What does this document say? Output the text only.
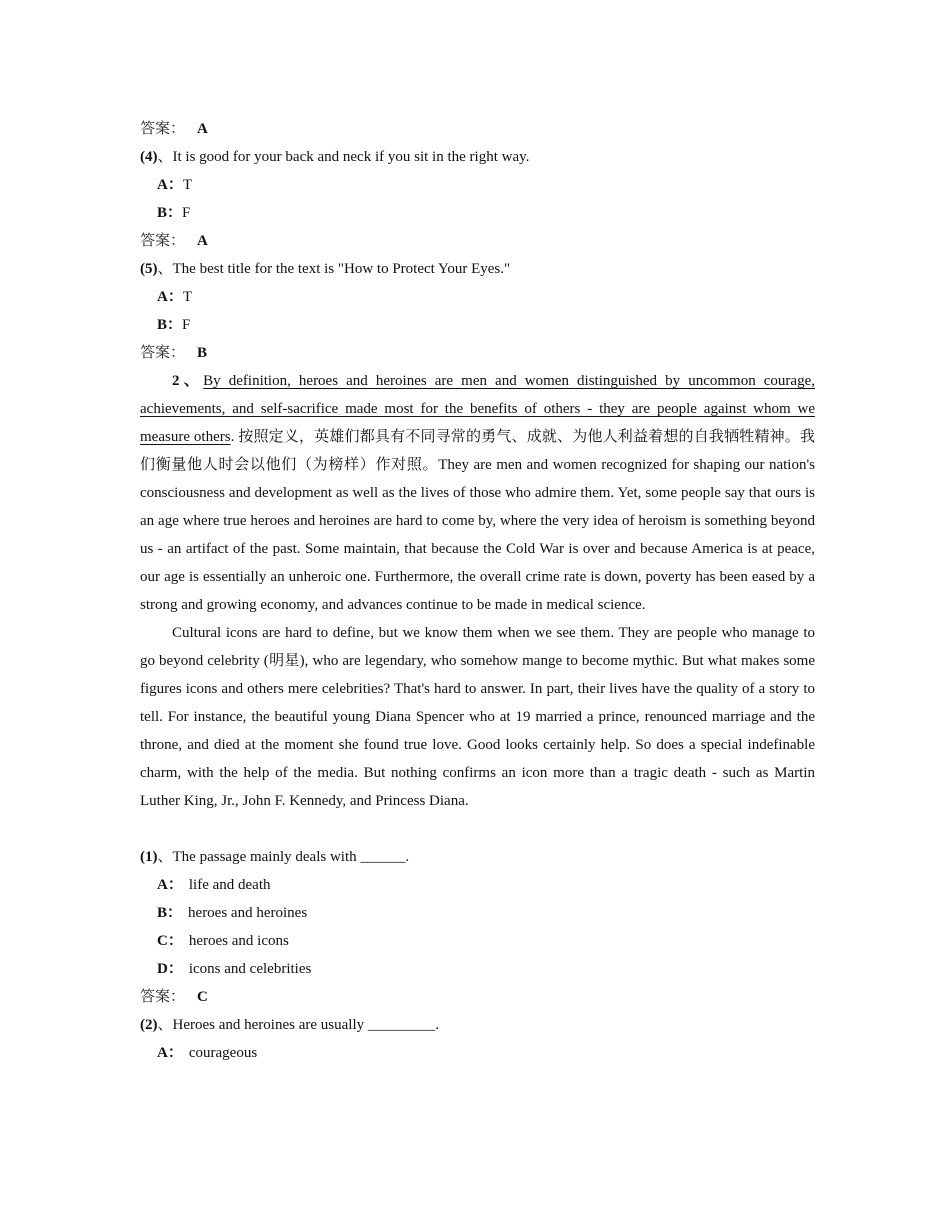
答案： A
(4)、It is good for your back and neck if you sit in the right way.
A：T
B：F
答案： A
(5)、The best title for the text is "How to Protect Your Eyes."
A：T
B：F
答案： B

2、By definition, heroes and heroines are men and women distinguished by uncommon courage, achievements, and self-sacrifice made most for the benefits of others - they are people against whom we measure others. 按照定义，英雄们都具有不同寻常的勇气、成就、为他人利益着想的自我牺牲精神。我们衡量他人时会以他们（为榜样）作对照。They are men and women recognized for shaping our nation's consciousness and development as well as the lives of those who admire them. Yet, some people say that ours is an age where true heroes and heroines are hard to come by, where the very idea of heroism is something beyond us - an artifact of the past. Some maintain, that because the Cold War is over and because America is at peace, our age is essentially an unheroic one. Furthermore, the overall crime rate is down, poverty has been eased by a strong and growing economy, and advances continue to be made in medical science.

Cultural icons are hard to define, but we know them when we see them. They are people who manage to go beyond celebrity (明星), who are legendary, who somehow mange to become mythic. But what makes some figures icons and others mere celebrities? That's hard to answer. In part, their lives have the quality of a story to tell. For instance, the beautiful young Diana Spencer who at 19 married a prince, renounced marriage and the throne, and died at the moment she found true love. Good looks certainly help. So does a special indefinable charm, with the help of the media. But nothing confirms an icon more than a tragic death - such as Martin Luther King, Jr., John F. Kennedy, and Princess Diana.

(1)、The passage mainly deals with ______.
A： life and death
B： heroes and heroines
C： heroes and icons
D： icons and celebrities
答案： C
(2)、Heroes and heroines are usually _________.
A： courageous
